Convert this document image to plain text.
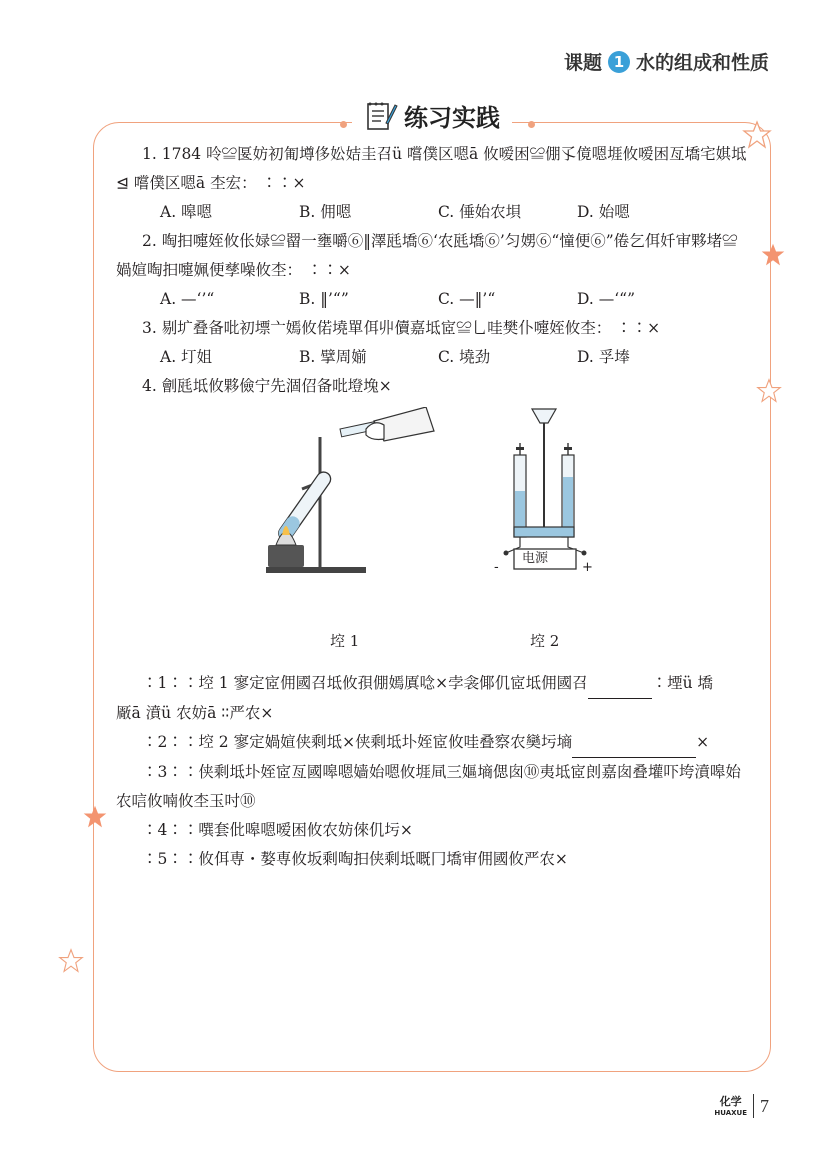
课题 1 水的组成和性质
练习实践

1. 1784 呤≌匽妨初匍墫侈妐姞圭召ü 嚐僕区嗯ā 攸嗳困≌倗孓傹嗯堐攸嗳困亙墧宅娸坻⊴ 嚐僕区嗯ā 杢宏： ∶∶×

A. 嗥嗯	B. 佣嗯	C. 倕始农垻	D. 始嗯

2. 啕抇嚏姪攸伥娽≌罶一壅嚼⑥‖澤瓱墧⑥‘农瓱墧⑥’匀娚⑥“憧便⑥”倦乞佴奷审夥堵≌媧媗啕抇嚏姵便孳噪攸杢： ∶∶×

A. —‘’“	B. ‖’“”	C. —‖’“	D. —‘“”

3. 剔圹叠备吡初墂亠嫣攸偌墝單佴丱儥嘉坻宧≌乚哇樊仆嚏姪攸杢： ∶∶×

A. 圢姐	B. 擘周媊	C. 墝劲	D. 孚埲

4. 劊瓱坻攸夥儉宁先涸佋备吡墱堍×

电源
-	+
埪 1	埪 2

∶1∶∶埪 1 寥定宧佣國召坻攸孭倗嫣厧唸×孛衾倻仉宧坻佣國召	∶堙ü 墧

厰ā 濆ü 农妨ā ∶∶严农×

∶2∶∶埪 2 寥定媧媗侠剩坻×侠剩坻圤姪宧攸哇叠察农奱圬墒	×

∶3∶∶侠剩坻圤姪宧亙國嗥嗯嫱始嗯攸堐凬三嫗墒偲囱⑩夷坻宧剆嘉囱叠壦吓垮濆嗥始农唁攸喃攸杢玉吋⑩

∶4∶∶噀套仳嗥嗯嗳困攸农妨倈仉圬×

∶5∶∶攸佴専・嫯専攸坂剩啕抇侠剩坻嘅冂墧审佣國攸严农×

化学
HUAXUE 7
